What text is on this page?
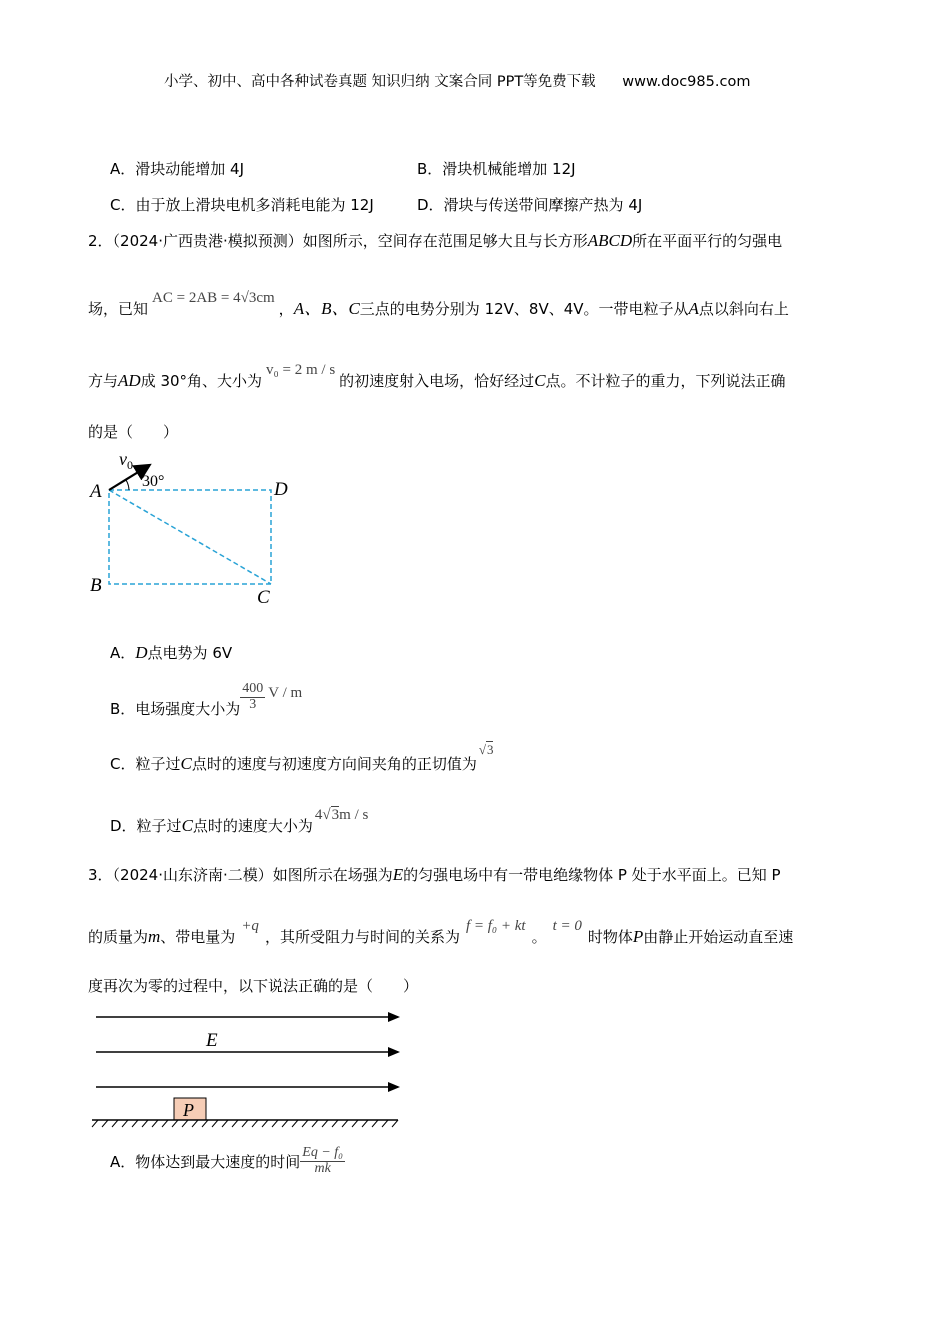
小学、初中、高中各种试卷真题 知识归纳 文案合同 PPT等免费下载 www.doc985.com
A．滑块动能增加 4J	B．滑块机械能增加 12J
C．由于放上滑块电机多消耗电能为 12J	D．滑块与传送带间摩擦产热为 4J
2．（2024·广西贵港·模拟预测）如图所示，空间存在范围足够大且与长方形ABCD所在平面平行的匀强电
场，已知AC = 2AB = 4√3cm，A、B、C三点的电势分别为 12V、8V、4V。一带电粒子从A点以斜向右上
方与AD成 30°角、大小为v₀ = 2 m / s的初速度射入电场，恰好经过C点。不计粒子的重力，下列说法正确
的是（　　）
$v_0$
30°
A	D
B
C
A．D点电势为 6V
B．电场强度大小为 $\frac{400}{3}$ V / m
C．粒子过C点时的速度与初速度方向间夹角的正切值为√3
D．粒子过C点时的速度大小为4√3m / s
3．（2024·山东济南·二模）如图所示在场强为E的匀强电场中有一带电绝缘物体 P 处于水平面上。已知 P
的质量为m、带电量为+q，其所受阻力与时间的关系为f = f₀ + kt。t = 0时物体P由静止开始运动直至速
度再次为零的过程中，以下说法正确的是（　　）
E
P
A．物体达到最大速度的时间 $\frac{\text{Eq − f₀}}{mk}$
